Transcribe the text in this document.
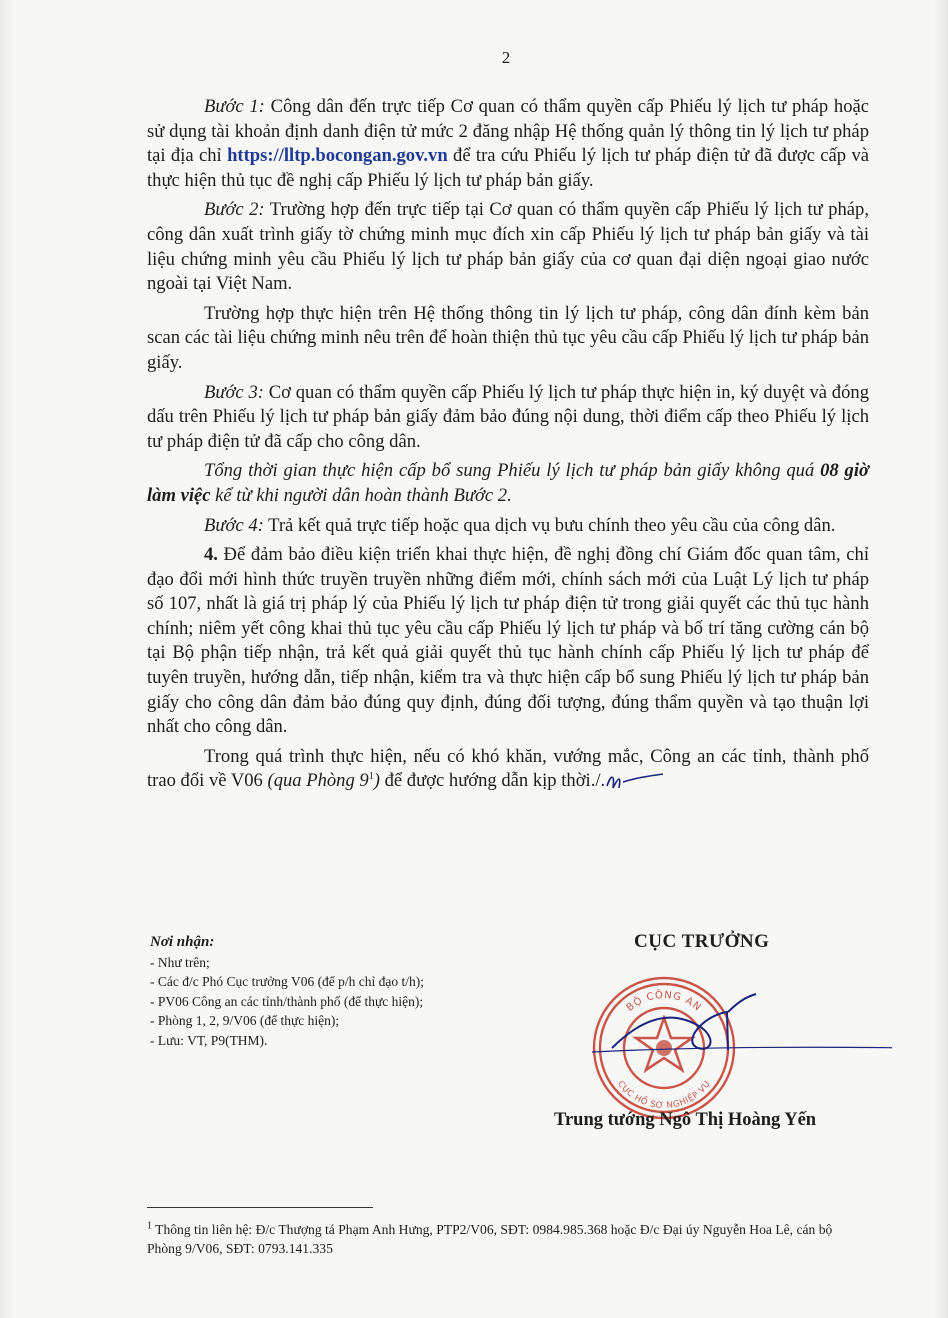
2

Bước 1: Công dân đến trực tiếp Cơ quan có thẩm quyền cấp Phiếu lý lịch tư pháp hoặc sử dụng tài khoản định danh điện tử mức 2 đăng nhập Hệ thống quản lý thông tin lý lịch tư pháp tại địa chỉ https://lltp.bocongan.gov.vn để tra cứu Phiếu lý lịch tư pháp điện tử đã được cấp và thực hiện thủ tục đề nghị cấp Phiếu lý lịch tư pháp bản giấy.

Bước 2: Trường hợp đến trực tiếp tại Cơ quan có thẩm quyền cấp Phiếu lý lịch tư pháp, công dân xuất trình giấy tờ chứng minh mục đích xin cấp Phiếu lý lịch tư pháp bản giấy và tài liệu chứng minh yêu cầu Phiếu lý lịch tư pháp bản giấy của cơ quan đại diện ngoại giao nước ngoài tại Việt Nam.

Trường hợp thực hiện trên Hệ thống thông tin lý lịch tư pháp, công dân đính kèm bản scan các tài liệu chứng minh nêu trên để hoàn thiện thủ tục yêu cầu cấp Phiếu lý lịch tư pháp bản giấy.

Bước 3: Cơ quan có thẩm quyền cấp Phiếu lý lịch tư pháp thực hiện in, ký duyệt và đóng dấu trên Phiếu lý lịch tư pháp bản giấy đảm bảo đúng nội dung, thời điểm cấp theo Phiếu lý lịch tư pháp điện tử đã cấp cho công dân.

Tổng thời gian thực hiện cấp bổ sung Phiếu lý lịch tư pháp bản giấy không quá 08 giờ làm việc kể từ khi người dân hoàn thành Bước 2.

Bước 4: Trả kết quả trực tiếp hoặc qua dịch vụ bưu chính theo yêu cầu của công dân.

4. Để đảm bảo điều kiện triển khai thực hiện, đề nghị đồng chí Giám đốc quan tâm, chỉ đạo đổi mới hình thức truyền truyền những điểm mới, chính sách mới của Luật Lý lịch tư pháp số 107, nhất là giá trị pháp lý của Phiếu lý lịch tư pháp điện tử trong giải quyết các thủ tục hành chính; niêm yết công khai thủ tục yêu cầu cấp Phiếu lý lịch tư pháp và bố trí tăng cường cán bộ tại Bộ phận tiếp nhận, trả kết quả giải quyết thủ tục hành chính cấp Phiếu lý lịch tư pháp để tuyên truyền, hướng dẫn, tiếp nhận, kiểm tra và thực hiện cấp bổ sung Phiếu lý lịch tư pháp bản giấy cho công dân đảm bảo đúng quy định, đúng đối tượng, đúng thẩm quyền và tạo thuận lợi nhất cho công dân.

Trong quá trình thực hiện, nếu có khó khăn, vướng mắc, Công an các tỉnh, thành phố trao đổi về V06 (qua Phòng $9^1$) để được hướng dẫn kịp thời./.

Nơi nhận:
- Như trên;
- Các đ/c Phó Cục trưởng V06 (để p/h chỉ đạo t/h);
- PV06 Công an các tỉnh/thành phố (để thực hiện);
- Phòng 1, 2, 9/V06 (để thực hiện);
- Lưu: VT, P9(THM).
CỤC TRƯỞNG
BỘ CÔNG AN
CỤC HỒ SƠ NGHIỆP VỤ
Trung tướng Ngô Thị Hoàng Yến
$^1$ Thông tin liên hệ: Đ/c Thượng tá Phạm Anh Hưng, PTP2/V06, SĐT: 0984.985.368 hoặc Đ/c Đại úy Nguyễn Hoa Lê, cán bộ Phòng 9/V06, SĐT: 0793.141.335
